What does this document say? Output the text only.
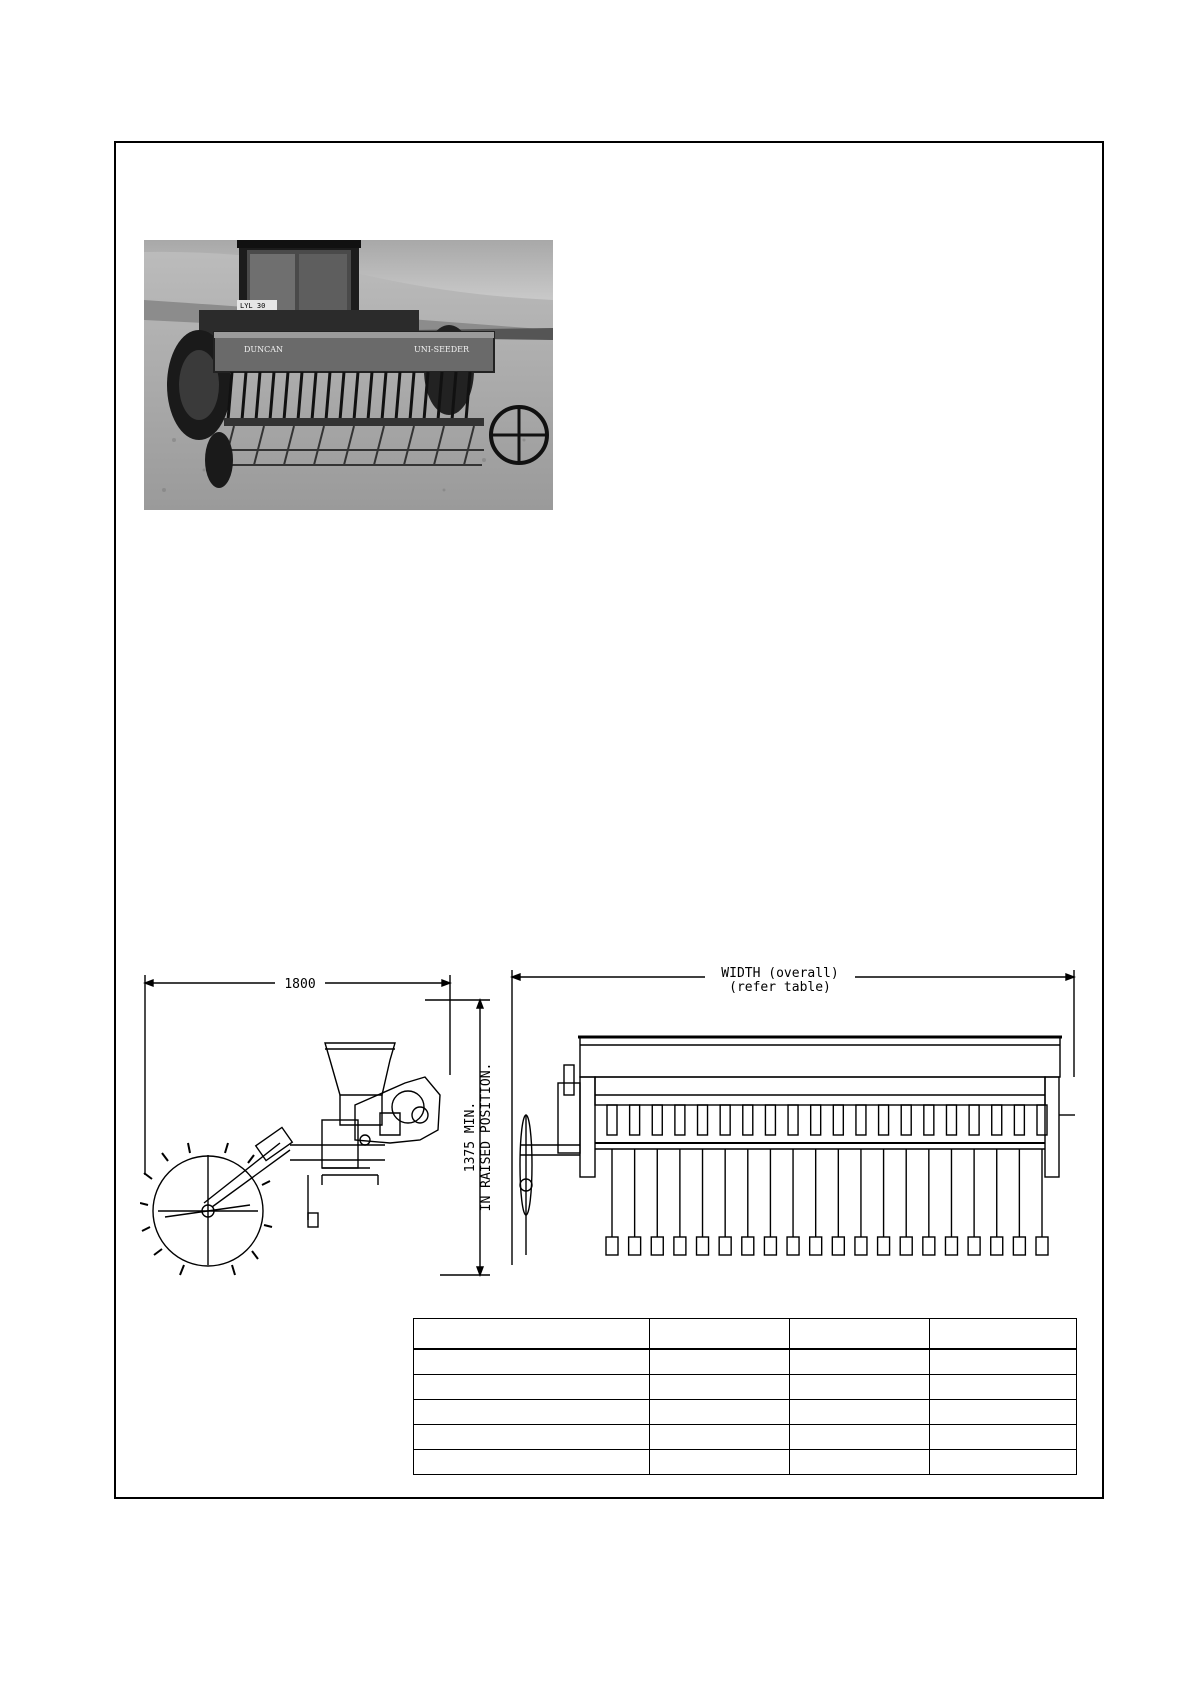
LYL 30
DUNCAN	UNI-SEEDER
1800
1375 MIN. IN RAISED POSITION.
WIDTH (overall)
(refer table)
